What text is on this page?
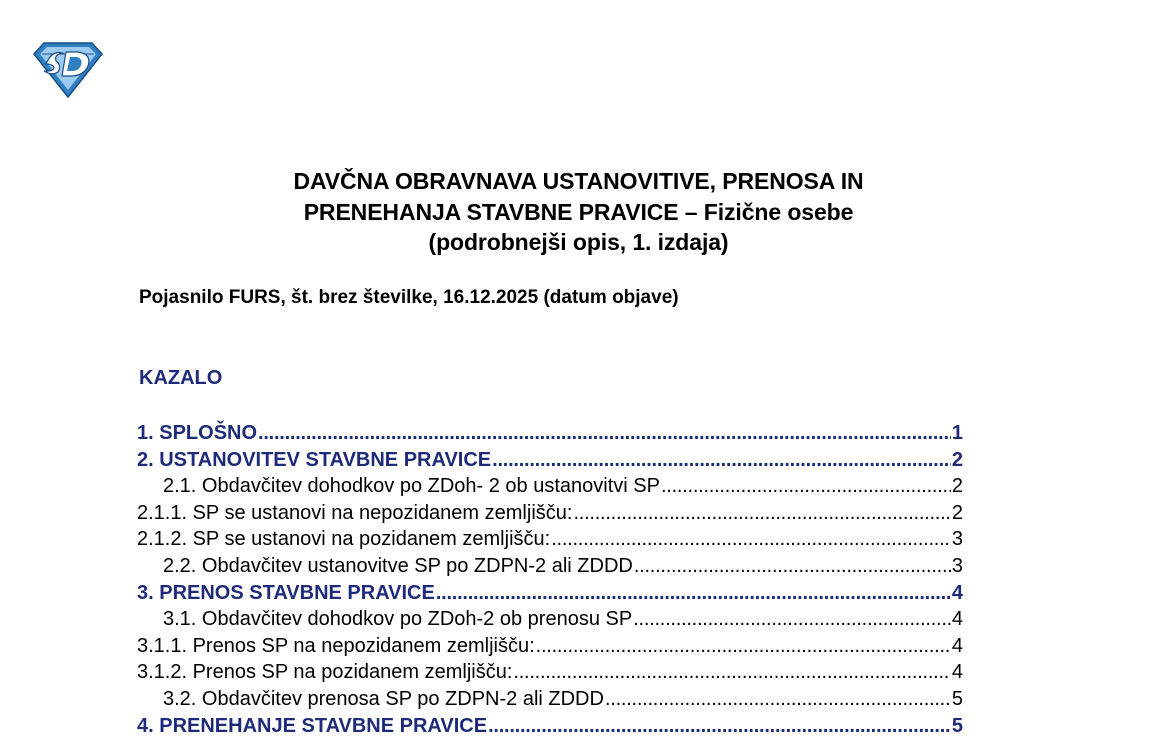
DAVČNA OBRAVNAVA USTANOVITIVE, PRENOSA IN
PRENEHANJA STAVBNE PRAVICE – Fizične osebe
(podrobnejši opis, 1. izdaja)
Pojasnilo FURS, št. brez številke, 16.12.2025 (datum objave)
KAZALO
1. SPLOŠNO . . .	1
2. USTANOVITEV STAVBNE PRAVICE . . .	2
2.1. Obdavčitev dohodkov po ZDoh- 2 ob ustanovitvi SP . . .	2
2.1.1. SP se ustanovi na nepozidanem zemljišču: . . .	2
2.1.2. SP se ustanovi na pozidanem zemljišču: . . .	3
2.2. Obdavčitev ustanovitve SP po ZDPN-2 ali ZDDD . . .	3
3. PRENOS STAVBNE PRAVICE . . .	4
3.1. Obdavčitev dohodkov po ZDoh-2 ob prenosu SP . . .	4
3.1.1. Prenos SP na nepozidanem zemljišču: . . .	4
3.1.2. Prenos SP na pozidanem zemljišču: . . .	4
3.2. Obdavčitev prenosa SP po ZDPN-2 ali ZDDD . . .	5
4. PRENEHANJE STAVBNE PRAVICE . . .	5
